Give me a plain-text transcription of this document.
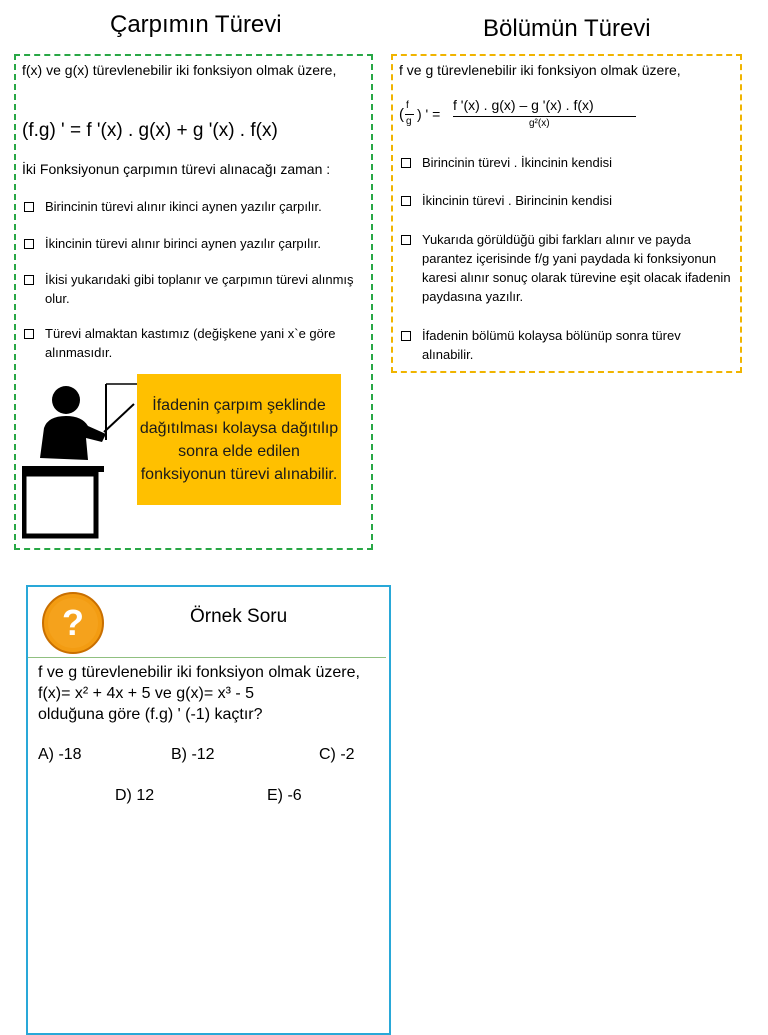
Çarpımın Türevi	Bölümün Türevi
f(x) ve g(x) türevlenebilir iki fonksiyon olmak üzere,
(f.g) ' = f '(x) . g(x) + g '(x) . f(x)
İki Fonksiyonun çarpımın türevi alınacağı zaman :
Birincinin türevi alınır ikinci aynen yazılır çarpılır.
İkincinin türevi alınır birinci aynen yazılır çarpılır.
İkisi yukarıdaki gibi toplanır ve çarpımın türevi alınmış olur.
Türevi almaktan kastımız (değişkene yani x`e göre alınmasıdır.
İfadenin çarpım şeklinde dağıtılması kolaysa dağıtılıp sonra elde edilen fonksiyonun türevi alınabilir.
f ve g türevlenebilir iki fonksiyon olmak üzere,
(
f
g ) ' =
f '(x) . g(x) – g '(x) . f(x)
g²(x)
Birincinin türevi . İkincinin kendisi
İkincinin türevi . Birincinin kendisi
Yukarıda görüldüğü gibi farkları alınır ve payda parantez içerisinde f/g yani paydada ki fonksiyonun karesi alınır sonuç olarak türevine eşit olacak ifadenin paydasına yazılır.
İfadenin bölümü kolaysa bölünüp sonra türev alınabilir.
?	Örnek Soru
f ve g türevlenebilir iki fonksiyon olmak üzere,
f(x)= x² + 4x + 5 ve g(x)= x³ - 5
olduğuna göre (f.g) ' (-1) kaçtır?
A) -18	B) -12	C) -2
D) 12	E) -6
